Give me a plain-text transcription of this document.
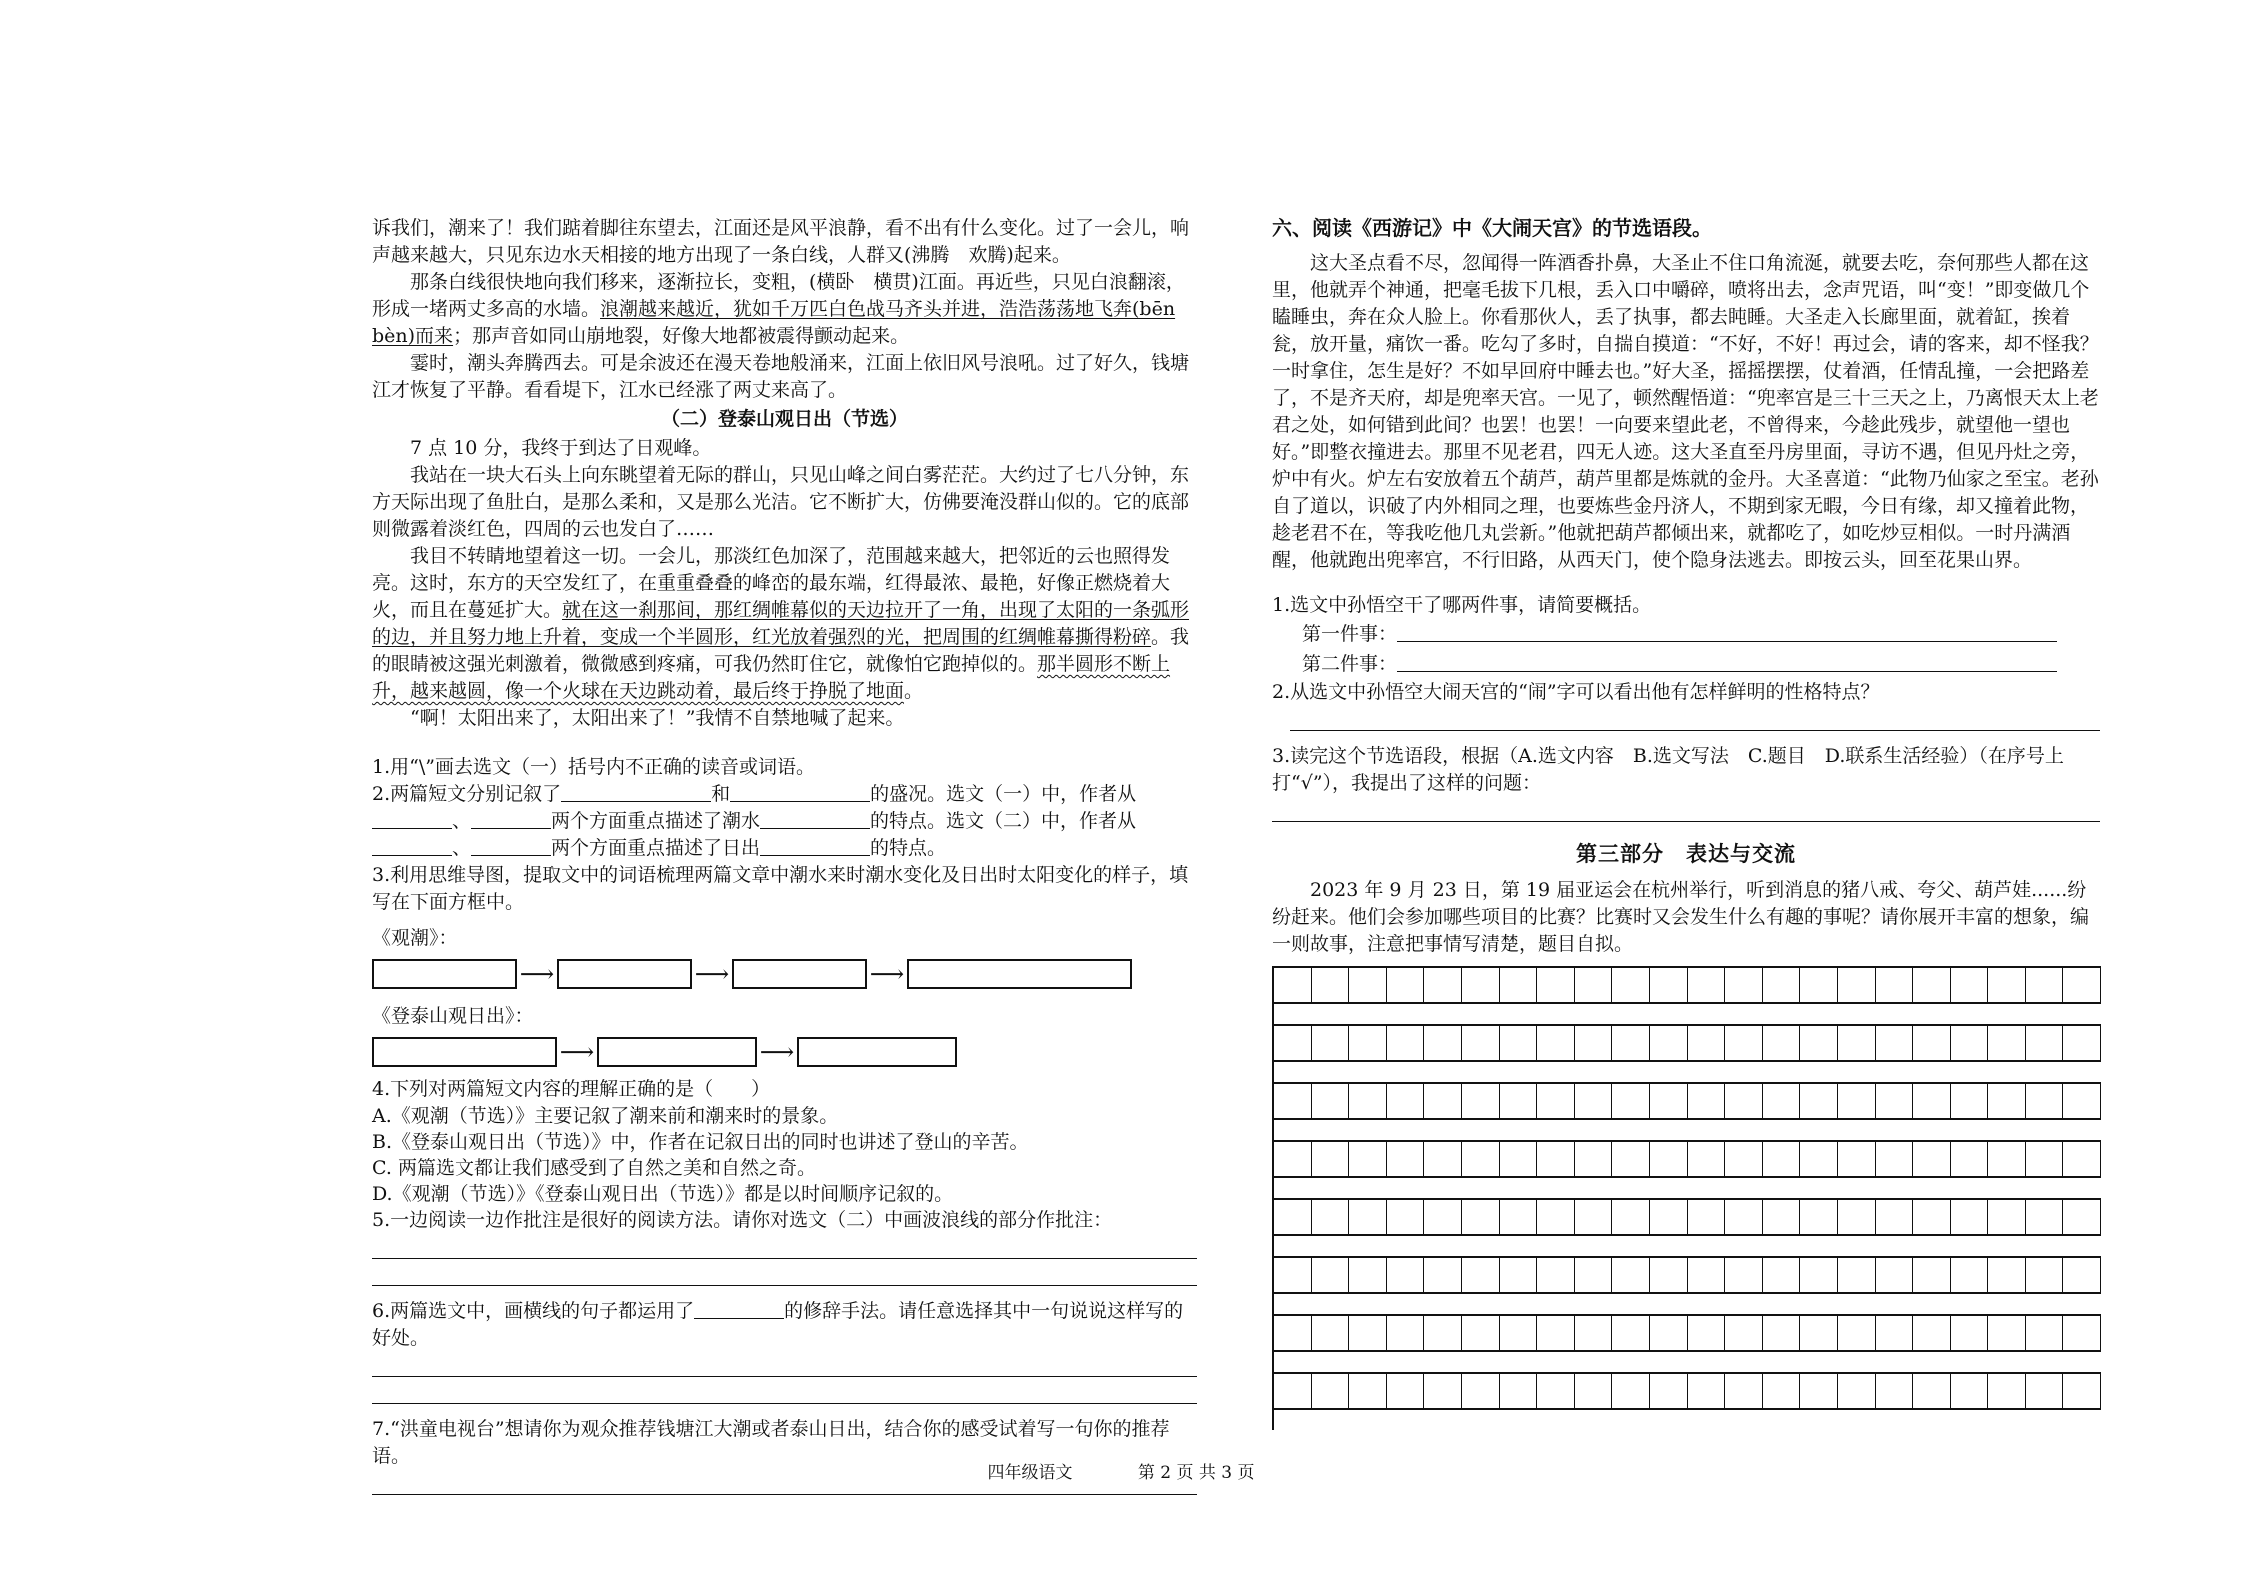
诉我们，潮来了！我们踮着脚往东望去，江面还是风平浪静，看不出有什么变化。过了一会儿，响声越来越大，只见东边水天相接的地方出现了一条白线，人群又(沸腾　欢腾)起来。

那条白线很快地向我们移来，逐渐拉长，变粗，(横卧　横贯)江面。再近些，只见白浪翻滚，形成一堵两丈多高的水墙。浪潮越来越近，犹如千万匹白色战马齐头并进，浩浩荡荡地飞奔(bēn bèn)而来；那声音如同山崩地裂，好像大地都被震得颤动起来。

霎时，潮头奔腾西去。可是余波还在漫天卷地般涌来，江面上依旧风号浪吼。过了好久，钱塘江才恢复了平静。看看堤下，江水已经涨了两丈来高了。

（二）登泰山观日出（节选）

7 点 10 分，我终于到达了日观峰。

我站在一块大石头上向东眺望着无际的群山，只见山峰之间白雾茫茫。大约过了七八分钟，东方天际出现了鱼肚白，是那么柔和，又是那么光洁。它不断扩大，仿佛要淹没群山似的。它的底部则微露着淡红色，四周的云也发白了……

我目不转睛地望着这一切。一会儿，那淡红色加深了，范围越来越大，把邻近的云也照得发亮。这时，东方的天空发红了，在重重叠叠的峰峦的最东端，红得最浓、最艳，好像正燃烧着大火，而且在蔓延扩大。就在这一刹那间，那红绸帷幕似的天边拉开了一角，出现了太阳的一条弧形的边，并且努力地上升着，变成一个半圆形，红光放着强烈的光，把周围的红绸帷幕撕得粉碎。我的眼睛被这强光刺激着，微微感到疼痛，可我仍然盯住它，就像怕它跑掉似的。那半圆形不断上升，越来越圆，像一个火球在天边跳动着，最后终于挣脱了地面。

“啊！太阳出来了，太阳出来了！”我情不自禁地喊了起来。

1.用“\”画去选文（一）括号内不正确的读音或词语。

2.两篇短文分别记叙了	和	的盛况。选文（一）中，作者从、	两个方面重点描述了潮水	的特点。选文（二）中，作者从、	两个方面重点描述了日出	的特点。

3.利用思维导图，提取文中的词语梳理两篇文章中潮水来时潮水变化及日出时太阳变化的样子，填写在下面方框中。

《观潮》：
⟶	⟶	⟶
《登泰山观日出》：
⟶	⟶

4.下列对两篇短文内容的理解正确的是（　　）

A.《观潮（节选）》主要记叙了潮来前和潮来时的景象。

B.《登泰山观日出（节选）》中，作者在记叙日出的同时也讲述了登山的辛苦。

C. 两篇选文都让我们感受到了自然之美和自然之奇。

D.《观潮（节选）》《登泰山观日出（节选）》都是以时间顺序记叙的。

5.一边阅读一边作批注是很好的阅读方法。请你对选文（二）中画波浪线的部分作批注：

6.两篇选文中，画横线的句子都运用了	的修辞手法。请任意选择其中一句说说这样写的好处。

7.“洪童电视台”想请你为观众推荐钱塘江大潮或者泰山日出，结合你的感受试着写一句你的推荐语。

六、阅读《西游记》中《大闹天宫》的节选语段。

这大圣点看不尽，忽闻得一阵酒香扑鼻，大圣止不住口角流涎，就要去吃，奈何那些人都在这里，他就弄个神通，把毫毛拔下几根，丢入口中嚼碎，喷将出去，念声咒语，叫“变！”即变做几个瞌睡虫，奔在众人脸上。你看那伙人，丢了执事，都去盹睡。大圣走入长廊里面，就着缸，挨着瓮，放开量，痛饮一番。吃勾了多时，自揣自摸道：“不好，不好！再过会，请的客来，却不怪我？一时拿住，怎生是好？不如早回府中睡去也。”好大圣，摇摇摆摆，仗着酒，任情乱撞，一会把路差了，不是齐天府，却是兜率天宫。一见了，顿然醒悟道：“兜率宫是三十三天之上，乃离恨天太上老君之处，如何错到此间？也罢！也罢！一向要来望此老，不曾得来，今趁此残步，就望他一望也好。”即整衣撞进去。那里不见老君，四无人迹。这大圣直至丹房里面，寻访不遇，但见丹灶之旁，炉中有火。炉左右安放着五个葫芦，葫芦里都是炼就的金丹。大圣喜道：“此物乃仙家之至宝。老孙自了道以，识破了内外相同之理，也要炼些金丹济人，不期到家无暇，今日有缘，却又撞着此物，趁老君不在，等我吃他几丸尝新。”他就把葫芦都倾出来，就都吃了，如吃炒豆相似。一时丹满酒醒，他就跑出兜率宫，不行旧路，从西天门，使个隐身法逃去。即按云头，回至花果山界。

1.选文中孙悟空干了哪两件事，请简要概括。

第一件事：

第二件事：

2.从选文中孙悟空大闹天宫的“闹”字可以看出他有怎样鲜明的性格特点？

3.读完这个节选语段，根据（A.选文内容　B.选文写法　C.题目　D.联系生活经验）（在序号上打“√”），我提出了这样的问题：

第三部分　表达与交流

2023 年 9 月 23 日，第 19 届亚运会在杭州举行，听到消息的猪八戒、夸父、葫芦娃......纷纷赶来。他们会参加哪些项目的比赛？比赛时又会发生什么有趣的事呢？请你展开丰富的想象，编一则故事，注意把事情写清楚，题目自拟。

四年级语文	第 2 页 共 3 页
